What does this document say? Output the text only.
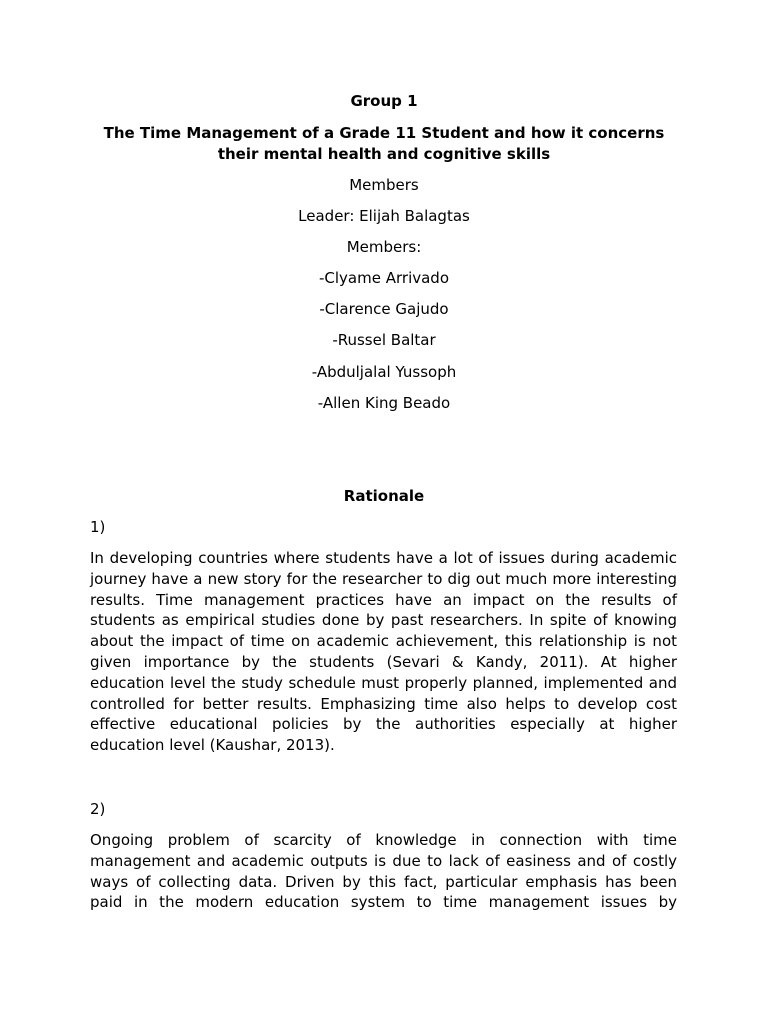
Group 1
The Time Management of a Grade 11 Student and how it concerns their mental health and cognitive skills
Members
Leader: Elijah Balagtas
Members:
-Clyame Arrivado
-Clarence Gajudo
-Russel Baltar
-Abduljalal Yussoph
-Allen King Beado
Rationale
1)
In developing countries where students have a lot of issues during academic journey have a new story for the researcher to dig out much more interesting results. Time management practices have an impact on the results of students as empirical studies done by past researchers. In spite of knowing about the impact of time on academic achievement, this relationship is not given importance by the students (Sevari & Kandy, 2011). At higher education level the study schedule must properly planned, implemented and controlled for better results. Emphasizing time also helps to develop cost effective educational policies by the authorities especially at higher education level (Kaushar, 2013).
2)
Ongoing problem of scarcity of knowledge in connection with time management and academic outputs is due to lack of easiness and of costly ways of collecting data. Driven by this fact, particular emphasis has been paid in the modern education system to time management issues by
